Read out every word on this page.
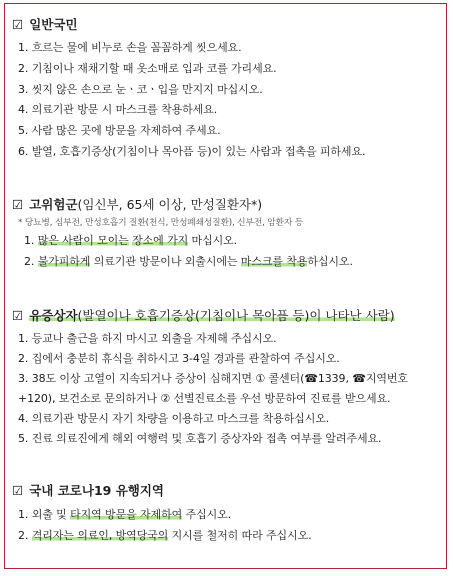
☑ 일반국민
1. 흐르는 물에 비누로 손을 꼼꼼하게 씻으세요.
2. 기침이나 재채기할 때 옷소매로 입과 코를 가리세요.
3. 씻지 않은 손으로 눈ㆍ코ㆍ입을 만지지 마십시오.
4. 의료기관 방문 시 마스크를 착용하세요.
5. 사람 많은 곳에 방문을 자제하여 주세요.
6. 발열, 호흡기증상(기침이나 목아픔 등)이 있는 사람과 접촉을 피하세요.
☑ 고위험군(임신부, 65세 이상, 만성질환자*)
* 당뇨병, 심부전, 만성호흡기 질환(천식, 만성폐쇄성질환), 신부전, 암환자 등
1. 많은 사람이 모이는 장소에 가지 마십시오.
2. 불가피하게 의료기관 방문이나 외출시에는 마스크를 착용하십시오.
☑ 유증상자(발열이나 호흡기증상(기침이나 목아픔 등)이 나타난 사람)
1. 등교나 출근을 하지 마시고 외출을 자제해 주십시오.
2. 집에서 충분히 휴식을 취하시고 3-4일 경과를 관찰하여 주십시오.
3. 38도 이상 고열이 지속되거나 증상이 심해지면 ① 콜센터(☎1339, ☎지역번호
+120), 보건소로 문의하거나 ② 선별진료소를 우선 방문하여 진료를 받으세요.
4. 의료기관 방문시 자기 차량을 이용하고 마스크를 착용하십시오.
5. 진료 의료진에게 해외 여행력 및 호흡기 증상자와 접촉 여부를 알려주세요.
☑ 국내 코로나19 유행지역
1. 외출 및 타지역 방문을 자제하여 주십시오.
2. 격리자는 의료인, 방역당국의 지시를 철저히 따라 주십시오.
